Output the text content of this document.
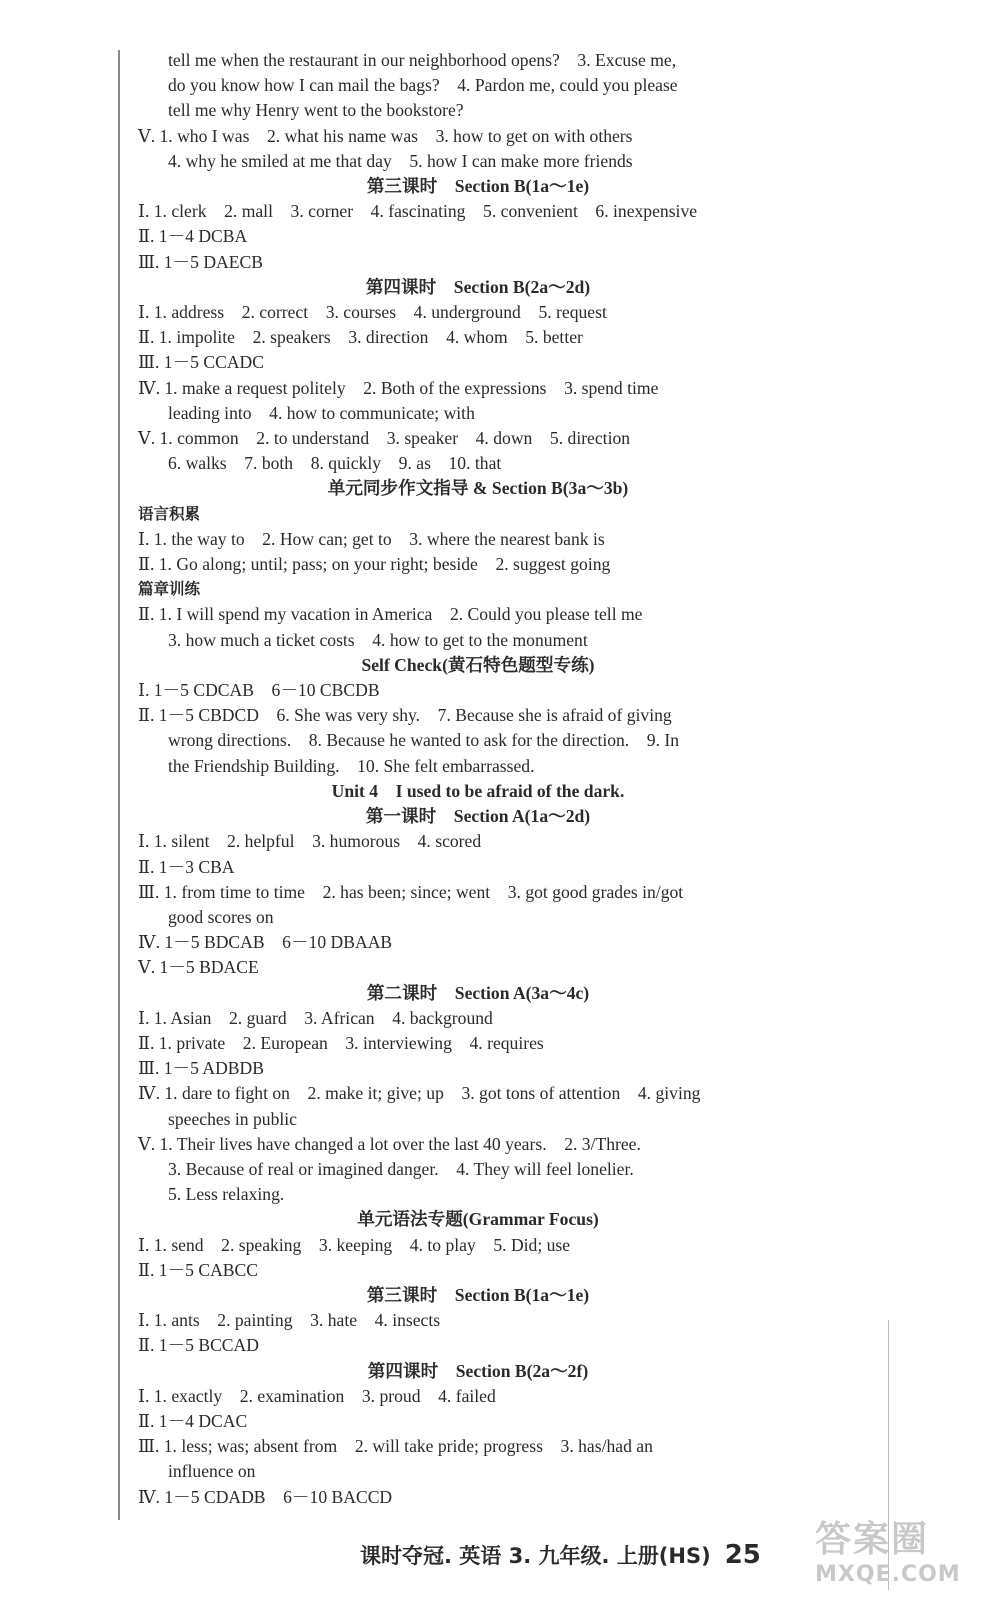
tell me when the restaurant in our neighborhood opens?　3. Excuse me,
do you know how I can mail the bags?　4. Pardon me, could you please
tell me why Henry went to the bookstore?
Ⅴ. 1. who I was　2. what his name was　3. how to get on with others
4. why he smiled at me that day　5. how I can make more friends
第三课时　Section B(1a～1e)
Ⅰ. 1. clerk　2. mall　3. corner　4. fascinating　5. convenient　6. inexpensive
Ⅱ. 1－4 DCBA
Ⅲ. 1－5 DAECB
第四课时　Section B(2a～2d)
Ⅰ. 1. address　2. correct　3. courses　4. underground　5. request
Ⅱ. 1. impolite　2. speakers　3. direction　4. whom　5. better
Ⅲ. 1－5 CCADC
Ⅳ. 1. make a request politely　2. Both of the expressions　3. spend time
leading into　4. how to communicate; with
Ⅴ. 1. common　2. to understand　3. speaker　4. down　5. direction
6. walks　7. both　8. quickly　9. as　10. that
单元同步作文指导 & Section B(3a～3b)
语言积累
Ⅰ. 1. the way to　2. How can; get to　3. where the nearest bank is
Ⅱ. 1. Go along; until; pass; on your right; beside　2. suggest going
篇章训练
Ⅱ. 1. I will spend my vacation in America　2. Could you please tell me
3. how much a ticket costs　4. how to get to the monument
Self Check(黄石特色题型专练)
Ⅰ. 1－5 CDCAB　6－10 CBCDB
Ⅱ. 1－5 CBDCD　6. She was very shy.　7. Because she is afraid of giving
wrong directions.　8. Because he wanted to ask for the direction.　9. In
the Friendship Building.　10. She felt embarrassed.
Unit 4　I used to be afraid of the dark.
第一课时　Section A(1a～2d)
Ⅰ. 1. silent　2. helpful　3. humorous　4. scored
Ⅱ. 1－3 CBA
Ⅲ. 1. from time to time　2. has been; since; went　3. got good grades in/got
good scores on
Ⅳ. 1－5 BDCAB　6－10 DBAAB
Ⅴ. 1－5 BDACE
第二课时　Section A(3a～4c)
Ⅰ. 1. Asian　2. guard　3. African　4. background
Ⅱ. 1. private　2. European　3. interviewing　4. requires
Ⅲ. 1－5 ADBDB
Ⅳ. 1. dare to fight on　2. make it; give; up　3. got tons of attention　4. giving
speeches in public
Ⅴ. 1. Their lives have changed a lot over the last 40 years.　2. 3/Three.
3. Because of real or imagined danger.　4. They will feel lonelier.
5. Less relaxing.
单元语法专题(Grammar Focus)
Ⅰ. 1. send　2. speaking　3. keeping　4. to play　5. Did; use
Ⅱ. 1－5 CABCC
第三课时　Section B(1a～1e)
Ⅰ. 1. ants　2. painting　3. hate　4. insects
Ⅱ. 1－5 BCCAD
第四课时　Section B(2a～2f)
Ⅰ. 1. exactly　2. examination　3. proud　4. failed
Ⅱ. 1－4 DCAC
Ⅲ. 1. less; was; absent from　2. will take pride; progress　3. has/had an
influence on
Ⅳ. 1－5 CDADB　6－10 BACCD
课时夺冠. 英语 3. 九年级. 上册(HS) 25	答案圈
MXQE.COM
